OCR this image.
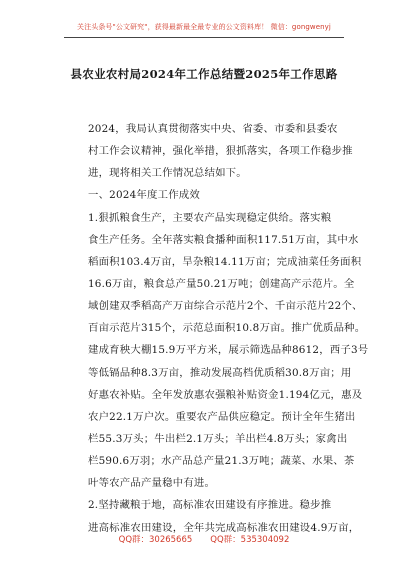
关注头条号"公文研究"，获得最新最全最专业的公文资料库！ 微信：gongwenyj
县农业农村局2024年工作总结暨2025年工作思路
2024，我局认真贯彻落实中央、省委、市委和县委农
村工作会议精神，强化举措，狠抓落实，各项工作稳步推
进，现将相关工作情况总结如下。
一、2024年度工作成效
1.狠抓粮食生产，主要农产品实现稳定供给。落实粮
食生产任务。全年落实粮食播种面积117.51万亩，其中水
稻面积103.4万亩，旱杂粮14.11万亩；完成油菜任务面积
16.6万亩，粮食总产量50.21万吨；创建高产示范片。全
域创建双季稻高产万亩综合示范片2个、千亩示范片22个、
百亩示范片315个，示范总面积10.8万亩。推广优质品种。
建成育秧大棚15.9万平方米，展示筛选品种8612，西子3号
等低镉品种8.3万亩，推动发展高档优质稻30.8万亩；用
好惠农补贴。全年发放惠农强粮补贴资金1.194亿元，惠及
农户22.1万户次。重要农产品供应稳定。预计全年生猪出
栏55.3万头；牛出栏2.1万头；羊出栏4.8万头；家禽出
栏590.6万羽；水产品总产量21.3万吨；蔬菜、水果、茶
叶等农产品产量稳中有进。
2.坚持藏粮于地，高标准农田建设有序推进。稳步推
进高标准农田建设，全年共完成高标准农田建设4.9万亩，
QQ群：30265665 QQ群：535304092
